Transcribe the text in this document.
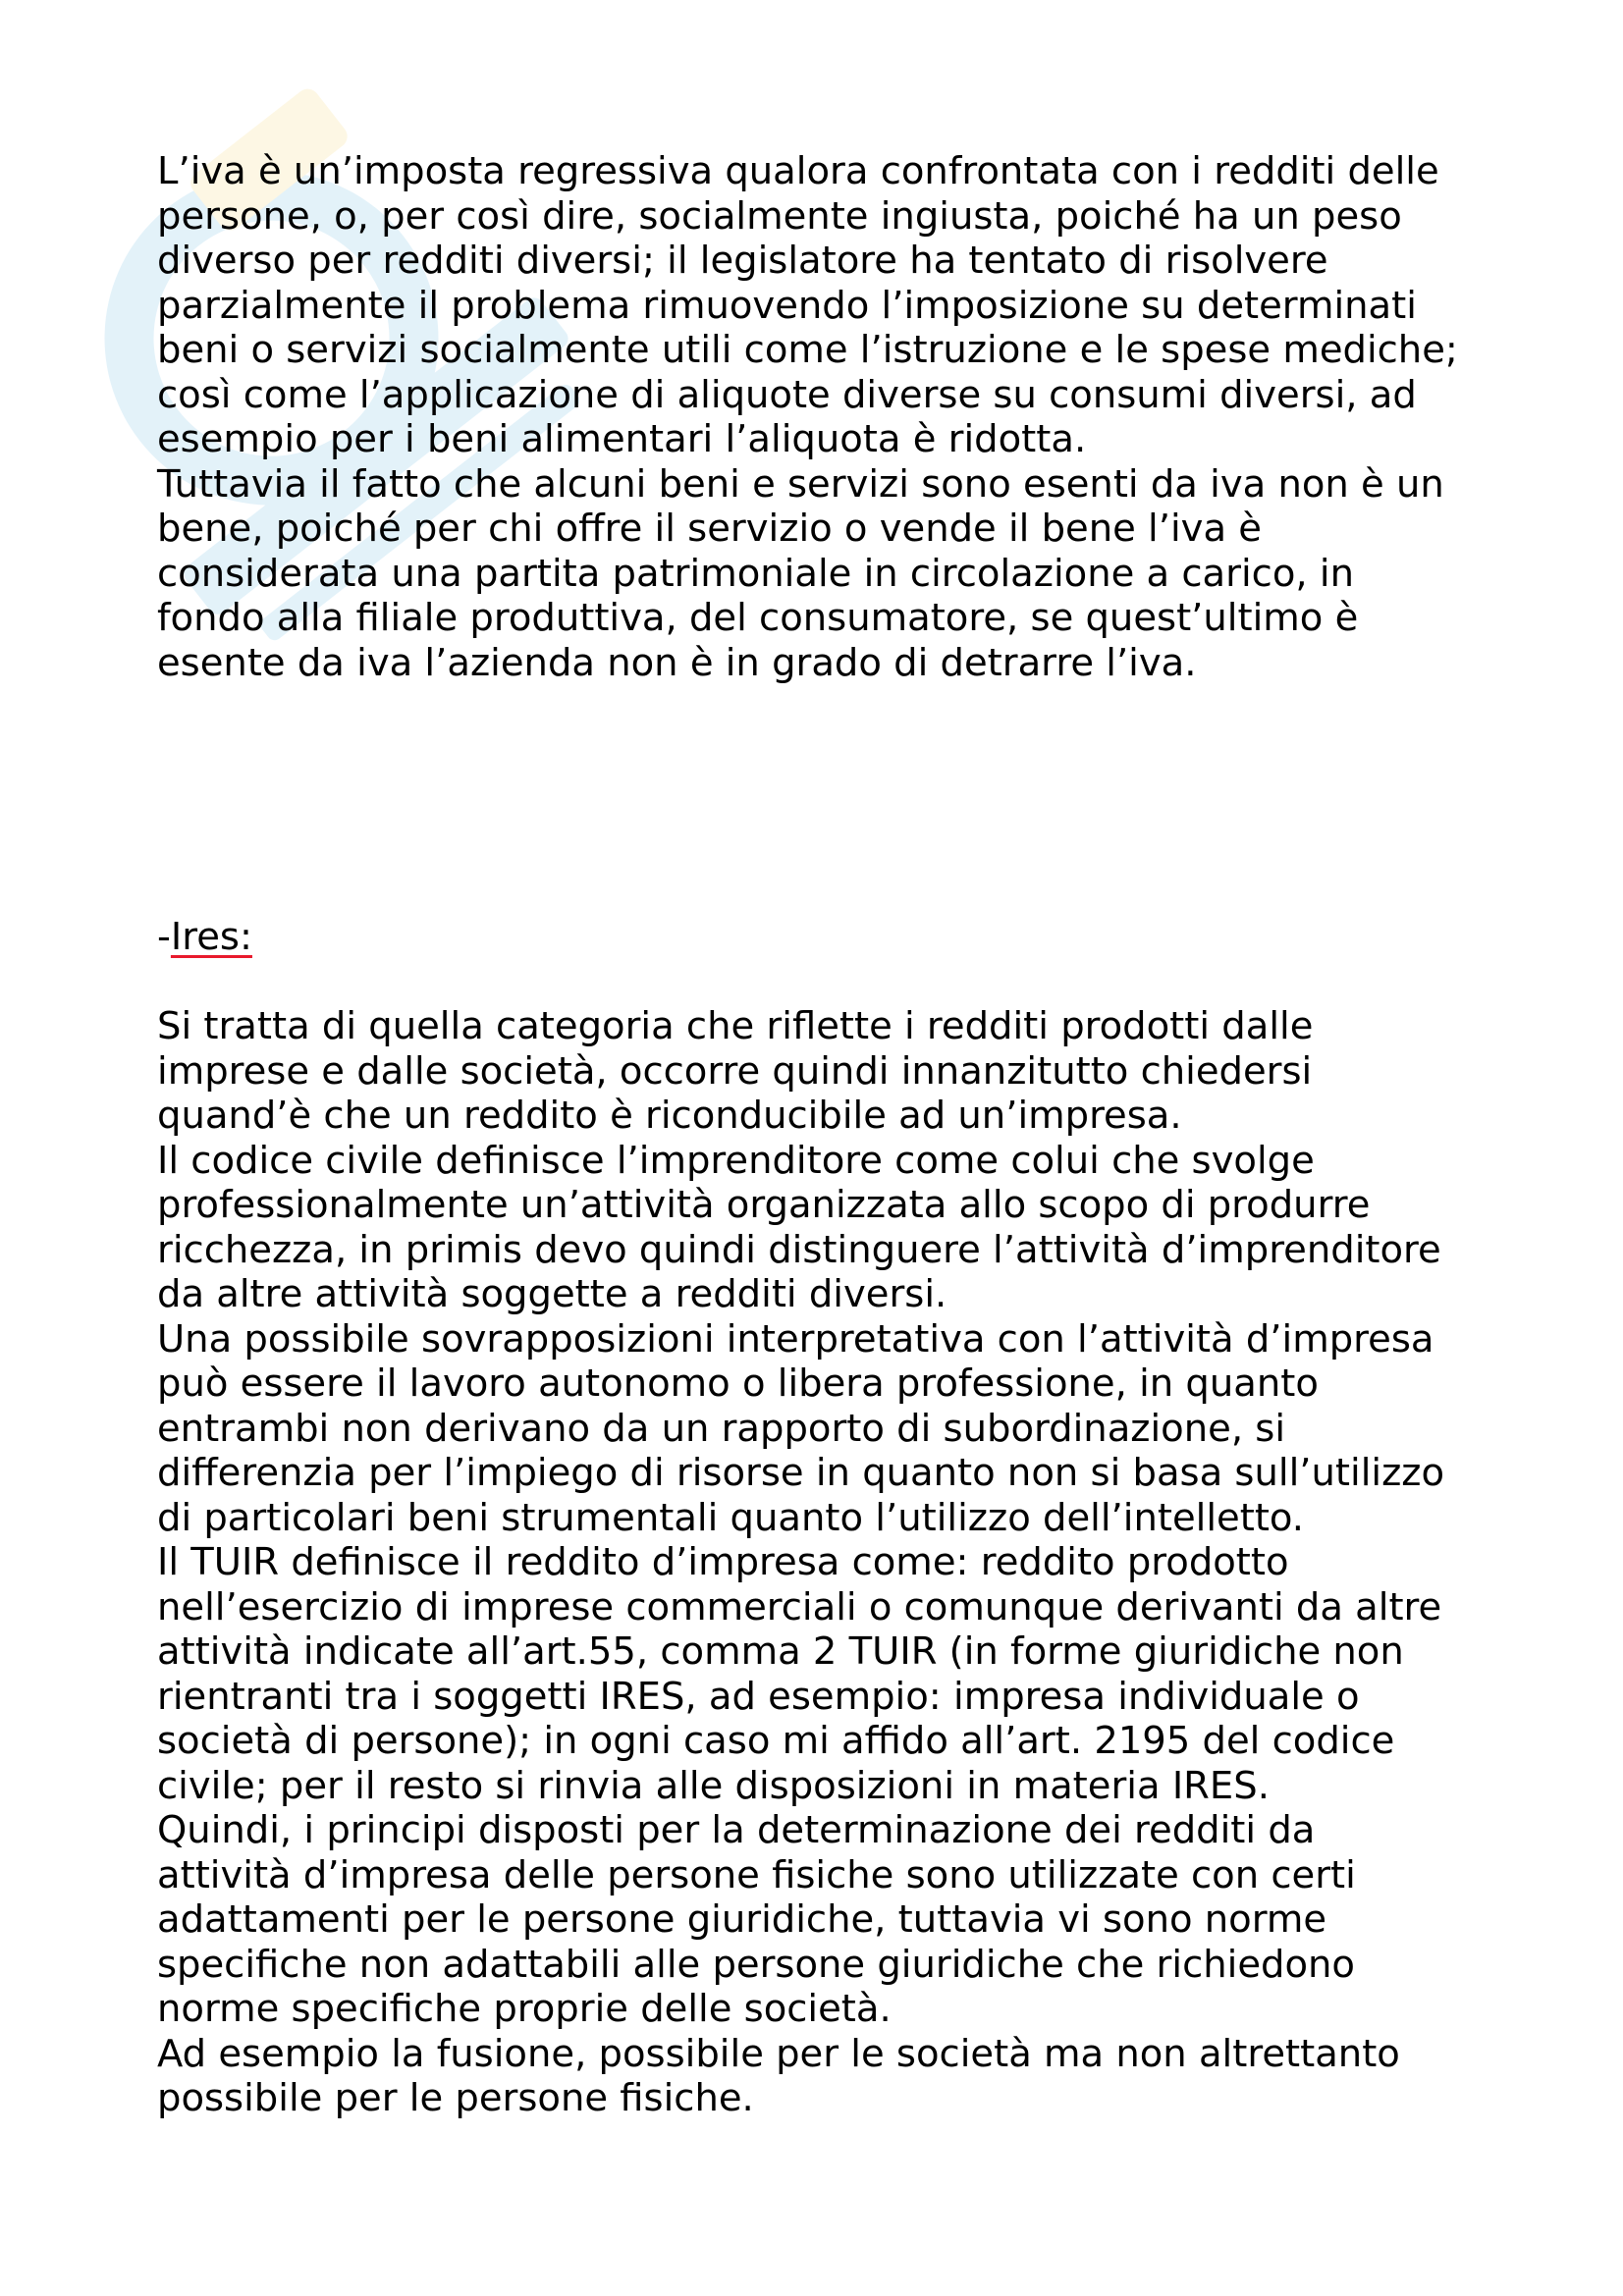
L’iva è un’imposta regressiva qualora confrontata con i redditi delle
persone, o, per così dire, socialmente ingiusta, poiché ha un peso
diverso per redditi diversi; il legislatore ha tentato di risolvere
parzialmente il problema rimuovendo l’imposizione su determinati
beni o servizi socialmente utili come l’istruzione e le spese mediche;
così come l’applicazione di aliquote diverse su consumi diversi, ad
esempio per i beni alimentari l’aliquota è ridotta.
Tuttavia il fatto che alcuni beni e servizi sono esenti da iva non è un
bene, poiché per chi offre il servizio o vende il bene l’iva è
considerata una partita patrimoniale in circolazione a carico, in
fondo alla filiale produttiva, del consumatore, se quest’ultimo è
esente da iva l’azienda non è in grado di detrarre l’iva.
-Ires:
Si tratta di quella categoria che riflette i redditi prodotti dalle
imprese e dalle società, occorre quindi innanzitutto chiedersi
quand’è che un reddito è riconducibile ad un’impresa.
Il codice civile definisce l’imprenditore come colui che svolge
professionalmente un’attività organizzata allo scopo di produrre
ricchezza, in primis devo quindi distinguere l’attività d’imprenditore
da altre attività soggette a redditi diversi.
Una possibile sovrapposizioni interpretativa con l’attività d’impresa
può essere il lavoro autonomo o libera professione, in quanto
entrambi non derivano da un rapporto di subordinazione, si
differenzia per l’impiego di risorse in quanto non si basa sull’utilizzo
di particolari beni strumentali quanto l’utilizzo dell’intelletto.
Il TUIR definisce il reddito d’impresa come: reddito prodotto
nell’esercizio di imprese commerciali o comunque derivanti da altre
attività indicate all’art.55, comma 2 TUIR (in forme giuridiche non
rientranti tra i soggetti IRES, ad esempio: impresa individuale o
società di persone); in ogni caso mi affido all’art. 2195 del codice
civile; per il resto si rinvia alle disposizioni in materia IRES.
Quindi, i principi disposti per la determinazione dei redditi da
attività d’impresa delle persone fisiche sono utilizzate con certi
adattamenti per le persone giuridiche, tuttavia vi sono norme
specifiche non adattabili alle persone giuridiche che richiedono
norme specifiche proprie delle società.
Ad esempio la fusione, possibile per le società ma non altrettanto
possibile per le persone fisiche.
